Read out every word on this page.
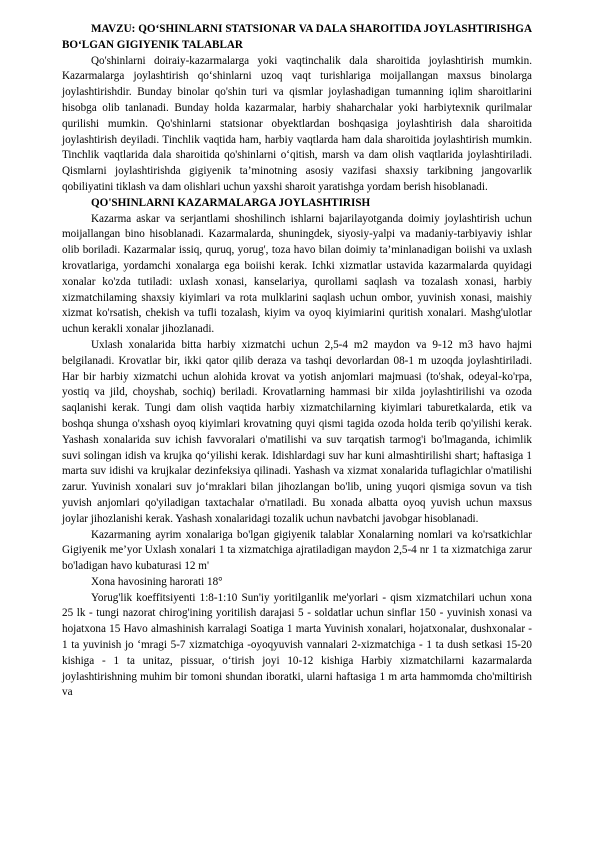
MAVZU: QO‘SHINLARNI STATSIONAR VA DALA SHAROITIDA JOYLASHTIRISHGA BO‘LGAN GIGIYENIK TALABLAR

Qo'shinlarni doiraiy-kazarmalarga yoki vaqtinchalik dala sharoitida joylashtirish mumkin. Kazarmalarga joylashtirish qo‘shinlarni uzoq vaqt turishlariga moijallangan maxsus binolarga joylashtirishdir. Bunday binolar qo'shin turi va qismlar joylashadigan tumanning iqlim sharoitlarini hisobga olib tanlanadi. Bunday holda kazarmalar, harbiy shaharchalar yoki harbiytexnik qurilmalar qurilishi mumkin. Qo'shinlarni statsionar obyektlardan boshqasiga joylashtirish dala sharoitida joylashtirish deyiladi. Tinchlik vaqtida ham, harbiy vaqtlarda ham dala sharoitida joylashtirish mumkin. Tinchlik vaqtlarida dala sharoitida qo'shinlarni o‘qitish, marsh va dam olish vaqtlarida joylashtiriladi. Qismlarni joylashtirishda gigiyenik ta’minotning asosiy vazifasi shaxsiy tarkibning jangovarlik qobiliyatini tiklash va dam olishlari uchun yaxshi sharoit yaratishga yordam berish hisoblanadi.

QO'SHINLARNI KAZARMALARGA JOYLASHTIRISH

Kazarma askar va serjantlami shoshilinch ishlarni bajarilayotganda doimiy joylashtirish uchun moijallangan bino hisoblanadi. Kazarmalarda, shuningdek, siyosiy-yalpi va madaniy-tarbiyaviy ishlar olib boriladi. Kazarmalar issiq, quruq, yorug', toza havo bilan doimiy ta’minlanadigan boiishi va uxlash krovatlariga, yordamchi xonalarga ega boiishi kerak. Ichki xizmatlar ustavida kazarmalarda quyidagi xonalar ko'zda tutiladi: uxlash xonasi, kanselariya, qurollami saqlash va tozalash xonasi, harbiy xizmatchilaming shaxsiy kiyimlari va rota mulklarini saqlash uchun ombor, yuvinish xonasi, maishiy xizmat ko'rsatish, chekish va tufli tozalash, kiyim va oyoq kiyimiarini quritish xonalari. Mashg'ulotlar uchun kerakli xonalar jihozlanadi.

Uxlash xonalarida bitta harbiy xizmatchi uchun 2,5-4 m2 maydon va 9-12 m3 havo hajmi belgilanadi. Krovatlar bir, ikki qator qilib deraza va tashqi devorlardan 08-1 m uzoqda joylashtiriladi. Har bir harbiy xizmatchi uchun alohida krovat va yotish anjomlari majmuasi (to'shak, odeyal-ko'rpa, yostiq va jild, choyshab, sochiq) beriladi. Krovatlarning hammasi bir xilda joylashtirilishi va ozoda saqlanishi kerak. Tungi dam olish vaqtida harbiy xizmatchilarning kiyimlari taburetkalarda, etik va boshqa shunga o'xshash oyoq kiyimlari krovatning quyi qismi tagida ozoda holda terib qo'yilishi kerak. Yashash xonalarida suv ichish favvoralari o'matilishi va suv tarqatish tarmog'i bo'lmaganda, ichimlik suvi solingan idish va krujka qo‘yilishi kerak. Idishlardagi suv har kuni almashtirilishi shart; haftasiga 1 marta suv idishi va krujkalar dezinfeksiya qilinadi. Yashash va xizmat xonalarida tuflagichlar o'matilishi zarur. Yuvinish xonalari suv jo‘mraklari bilan jihozlangan bo'lib, uning yuqori qismiga sovun va tish yuvish anjomlari qo'yiladigan taxtachalar o'rnatiladi. Bu xonada albatta oyoq yuvish uchun maxsus joylar jihozlanishi kerak. Yashash xonalaridagi tozalik uchun navbatchi javobgar hisoblanadi.

Kazarmaning ayrim xonalariga bo'lgan gigiyenik talablar Xonalarning nomlari va ko'rsatkichlar Gigiyenik me’yor Uxlash xonalari 1 ta xizmatchiga ajratiladigan maydon 2,5-4 nr 1 ta xizmatchiga zarur bo'ladigan havo kubaturasi 12 m'

Xona havosining harorati 18°

Yorug'lik koeffitsiyenti 1:8-1:10 Sun'iy yoritilganlik me'yorlari - qism xizmatchilari uchun xona 25 lk - tungi nazorat chirog'ining yoritilish darajasi 5 - soldatlar uchun sinflar 150 - yuvinish xonasi va hojatxona 15 Havo almashinish karralagi Soatiga 1 marta Yuvinish xonalari, hojatxonalar, dushxonalar - 1 ta yuvinish jo ‘mragi 5-7 xizmatchiga -oyoqyuvish vannalari 2-xizmatchiga - 1 ta dush setkasi 15-20 kishiga - 1 ta unitaz, pissuar, o‘tirish joyi 10-12 kishiga Harbiy xizmatchilarni kazarmalarda joylashtirishning muhim bir tomoni shundan iboratki, ularni haftasiga 1 m arta hammomda cho'miltirish va
